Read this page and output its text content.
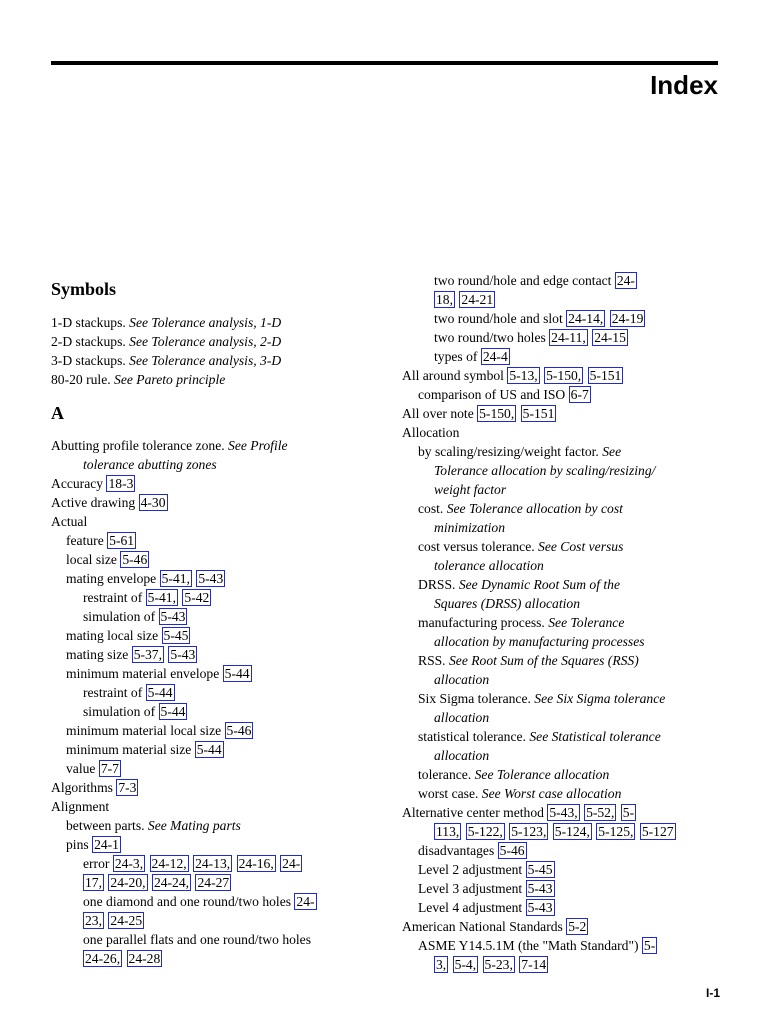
Index
Symbols
1-D stackups. See Tolerance analysis, 1-D
2-D stackups. See Tolerance analysis, 2-D
3-D stackups. See Tolerance analysis, 3-D
80-20 rule. See Pareto principle
A
Abutting profile tolerance zone. See Profile
tolerance abutting zones
Accuracy 18-3
Active drawing 4-30
Actual
feature 5-61
local size 5-46
mating envelope 5-41, 5-43
restraint of 5-41, 5-42
simulation of 5-43
mating local size 5-45
mating size 5-37, 5-43
minimum material envelope 5-44
restraint of 5-44
simulation of 5-44
minimum material local size 5-46
minimum material size 5-44
value 7-7
Algorithms 7-3
Alignment
between parts. See Mating parts
pins 24-1
error 24-3, 24-12, 24-13, 24-16, 24-
17, 24-20, 24-24, 24-27
one diamond and one round/two holes 24-
23, 24-25
one parallel flats and one round/two holes
24-26, 24-28
two round/hole and edge contact 24-
18, 24-21
two round/hole and slot 24-14, 24-19
two round/two holes 24-11, 24-15
types of 24-4
All around symbol 5-13, 5-150, 5-151
comparison of US and ISO 6-7
All over note 5-150, 5-151
Allocation
by scaling/resizing/weight factor. See
Tolerance allocation by scaling/resizing/
weight factor
cost. See Tolerance allocation by cost
minimization
cost versus tolerance. See Cost versus
tolerance allocation
DRSS. See Dynamic Root Sum of the
Squares (DRSS) allocation
manufacturing process. See Tolerance
allocation by manufacturing processes
RSS. See Root Sum of the Squares (RSS)
allocation
Six Sigma tolerance. See Six Sigma tolerance
allocation
statistical tolerance. See Statistical tolerance
allocation
tolerance. See Tolerance allocation
worst case. See Worst case allocation
Alternative center method 5-43, 5-52, 5-
113, 5-122, 5-123, 5-124, 5-125, 5-127
disadvantages 5-46
Level 2 adjustment 5-45
Level 3 adjustment 5-43
Level 4 adjustment 5-43
American National Standards 5-2
ASME Y14.5.1M (the "Math Standard") 5-
3, 5-4, 5-23, 7-14
I-1
